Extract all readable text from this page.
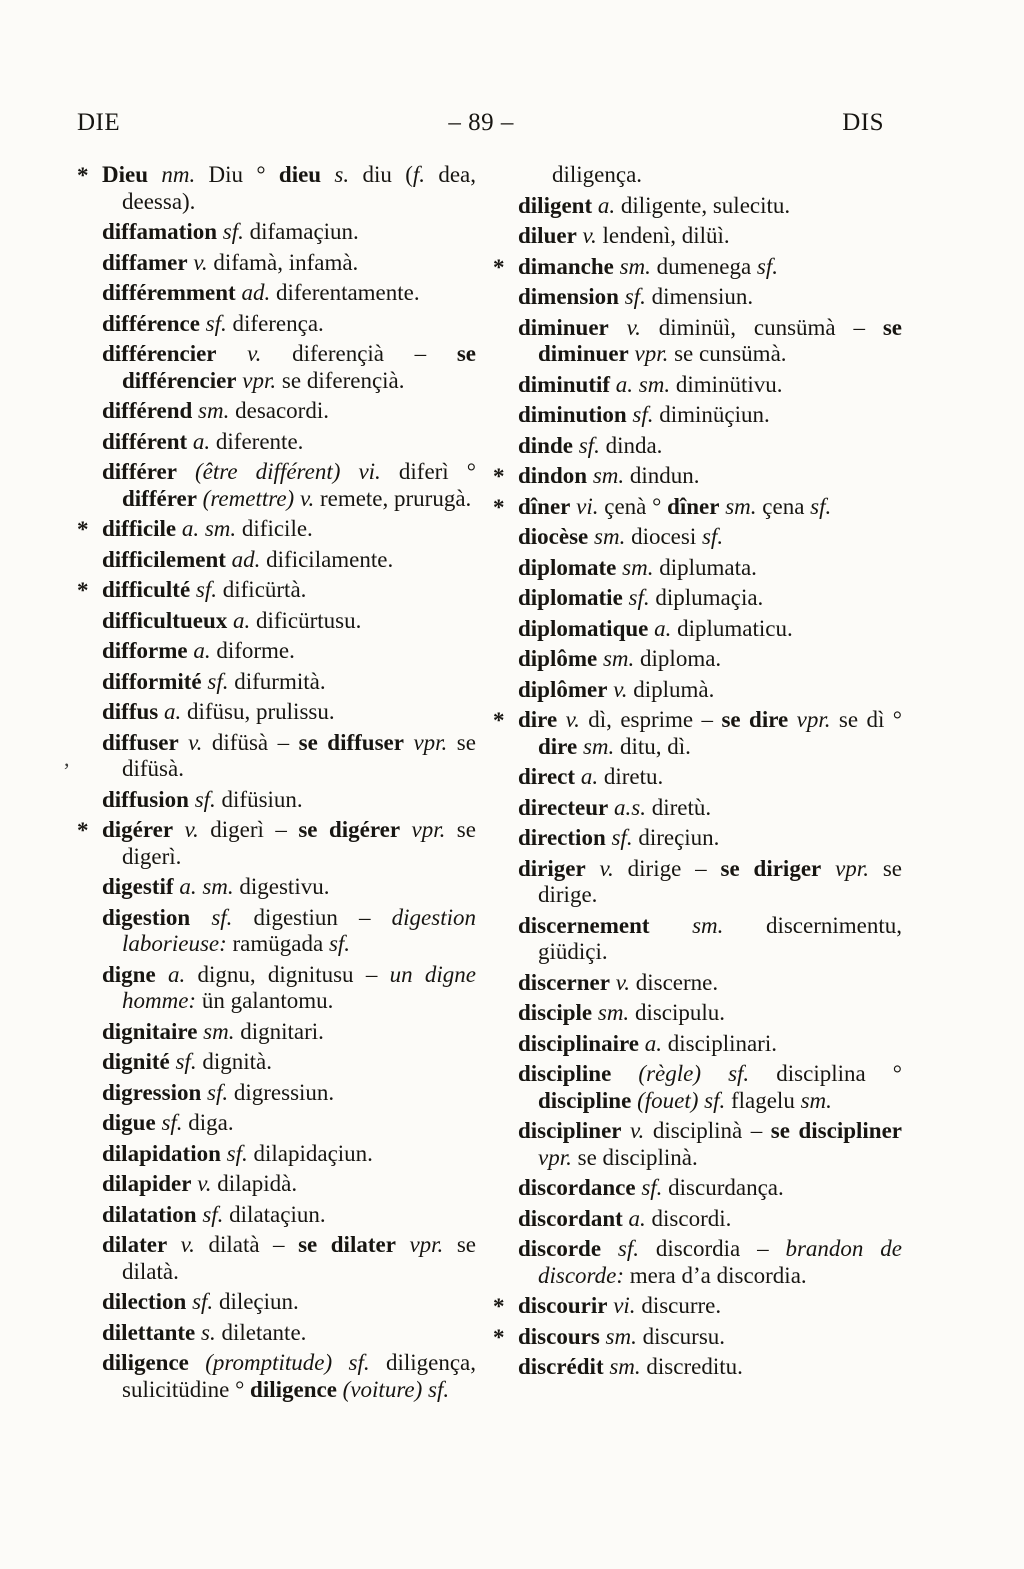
DIE	– 89 –	DIS
,

* Dieu nm. Diu ° dieu s. diu (f. dea, deessa).

diffamation sf. difamaçiun.

diffamer v. difamà, infamà.

différemment ad. diferentamente.

différence sf. diferença.

différencier v. diferençià – se différencier vpr. se diferençià.

différend sm. desacordi.

différent a. diferente.

différer (être différent) vi. diferì ° différer (remettre) v. remete, prurugà.

* difficile a. sm. dificile.

difficilement ad. dificilamente.

* difficulté sf. dificürtà.

difficultueux a. dificürtusu.

difforme a. diforme.

difformité sf. difurmità.

diffus a. difüsu, prulissu.

diffuser v. difüsà – se diffuser vpr. se difüsà.

diffusion sf. difüsiun.

* digérer v. digerì – se digérer vpr. se digerì.

digestif a. sm. digestivu.

digestion sf. digestiun – digestion laborieuse: ramügada sf.

digne a. dignu, dignitusu – un digne homme: ün galantomu.

dignitaire sm. dignitari.

dignité sf. dignità.

digression sf. digressiun.

digue sf. diga.

dilapidation sf. dilapidaçiun.

dilapider v. dilapidà.

dilatation sf. dilataçiun.

dilater v. dilatà – se dilater vpr. se dilatà.

dilection sf. dileçiun.

dilettante s. diletante.

diligence (promptitude) sf. diligença, sulicitüdine ° diligence (voiture) sf.

diligença.

diligent a. diligente, sulecitu.

diluer v. lendenì, dilüì.

* dimanche sm. dumenega sf.

dimension sf. dimensiun.

diminuer v. diminüì, cunsümà – se diminuer vpr. se cunsümà.

diminutif a. sm. diminütivu.

diminution sf. diminüçiun.

dinde sf. dinda.

* dindon sm. dindun.

* dîner vi. çenà ° dîner sm. çena sf.

diocèse sm. diocesi sf.

diplomate sm. diplumata.

diplomatie sf. diplumaçia.

diplomatique a. diplumaticu.

diplôme sm. diploma.

diplômer v. diplumà.

* dire v. dì, esprime – se dire vpr. se dì ° dire sm. ditu, dì.

direct a. diretu.

directeur a.s. diretù.

direction sf. direçiun.

diriger v. dirige – se diriger vpr. se dirige.

discernement sm. discernimentu, giüdiçi.

discerner v. discerne.

disciple sm. discipulu.

disciplinaire a. disciplinari.

discipline (règle) sf. disciplina ° discipline (fouet) sf. flagelu sm.

discipliner v. disciplinà – se discipliner vpr. se disciplinà.

discordance sf. discurdança.

discordant a. discordi.

discorde sf. discordia – brandon de discorde: mera d’a discordia.

* discourir vi. discurre.

* discours sm. discursu.

discrédit sm. discreditu.
